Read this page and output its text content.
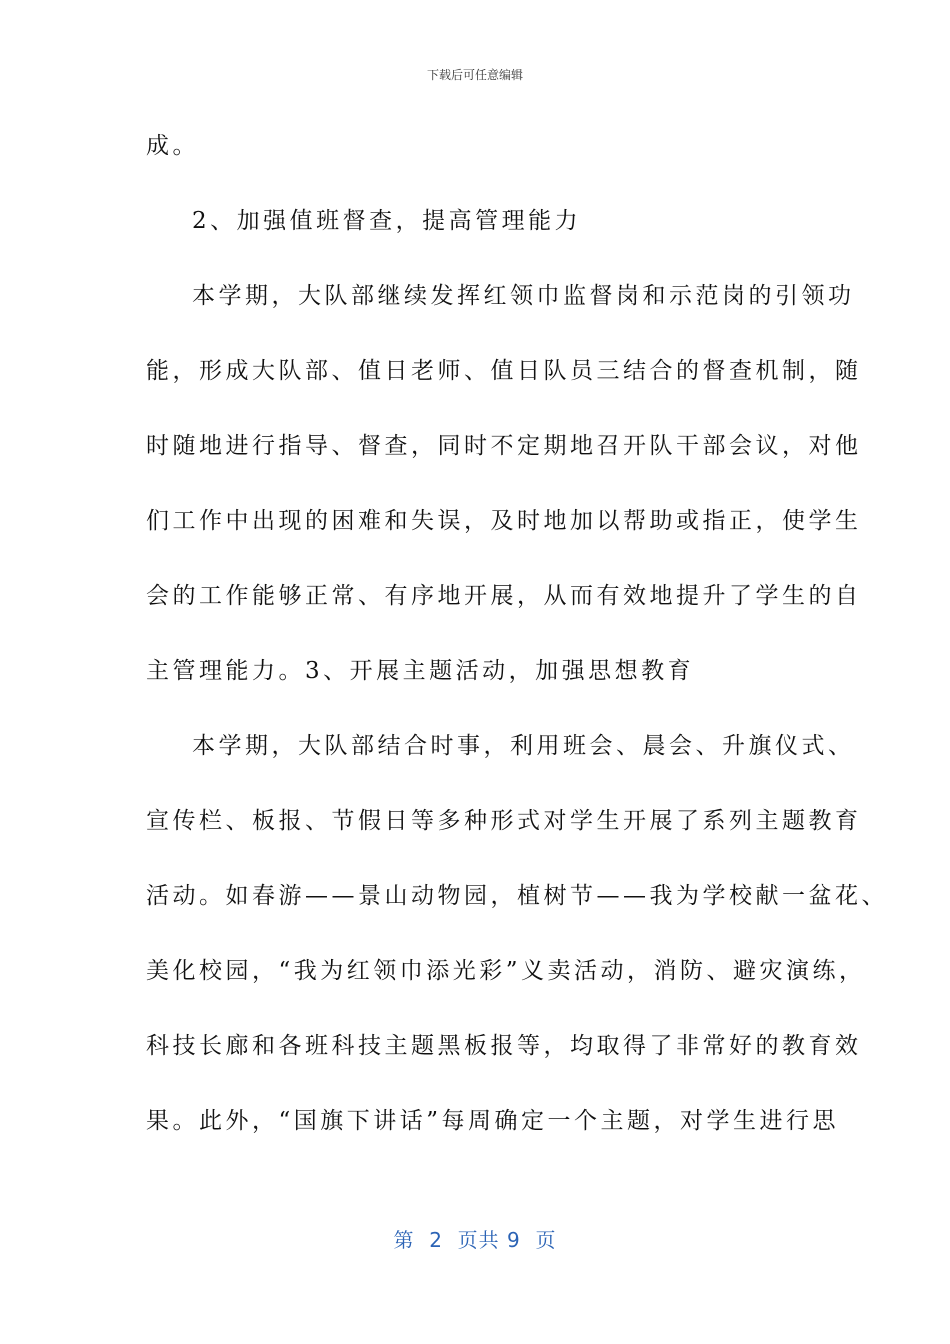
下载后可任意编辑
成。
2、加强值班督查，提高管理能力
本学期，大队部继续发挥红领巾监督岗和示范岗的引领功
能，形成大队部、值日老师、值日队员三结合的督查机制，随
时随地进行指导、督查，同时不定期地召开队干部会议，对他
们工作中出现的困难和失误，及时地加以帮助或指正，使学生
会的工作能够正常、有序地开展，从而有效地提升了学生的自
主管理能力。3、开展主题活动，加强思想教育
本学期，大队部结合时事，利用班会、晨会、升旗仪式、
宣传栏、板报、节假日等多种形式对学生开展了系列主题教育
活动。如春游——景山动物园，植树节——我为学校献一盆花、
美化校园，“我为红领巾添光彩”义卖活动，消防、避灾演练，
科技长廊和各班科技主题黑板报等，均取得了非常好的教育效
果。此外，“国旗下讲话”每周确定一个主题，对学生进行思
第  2  页共 9  页
